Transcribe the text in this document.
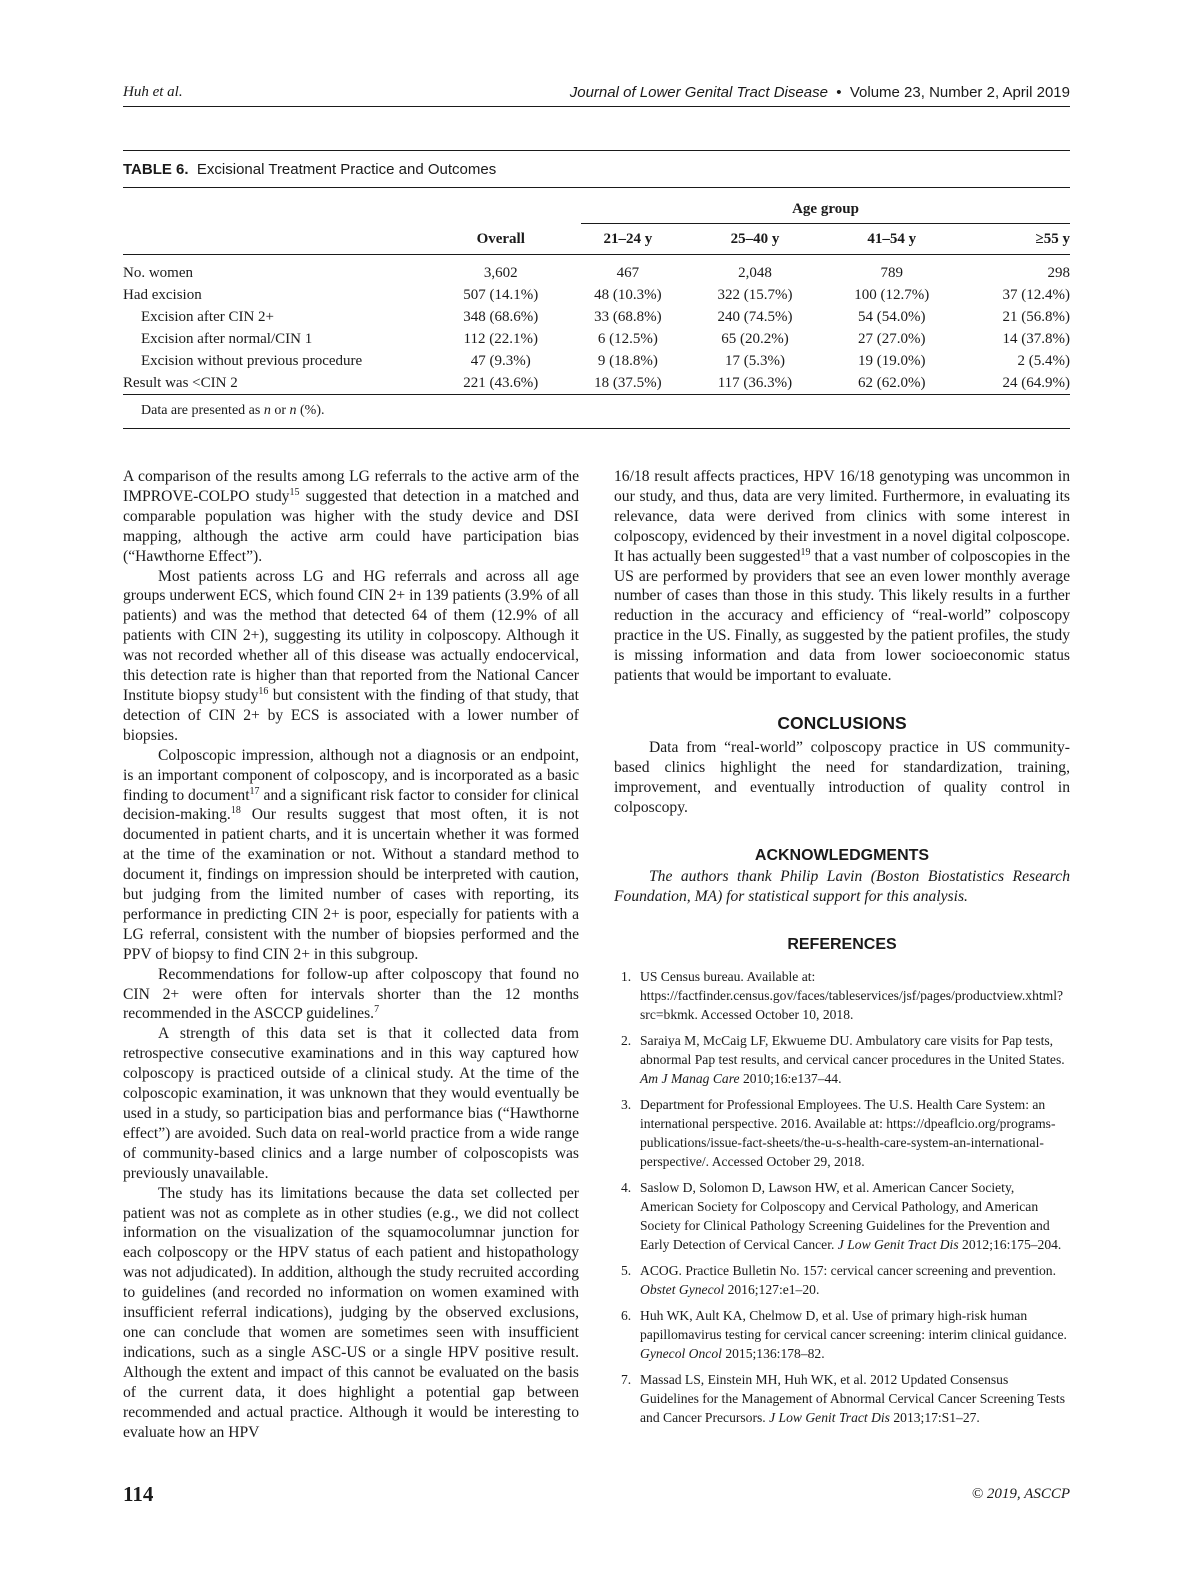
Huh et al.	Journal of Lower Genital Tract Disease • Volume 23, Number 2, April 2019
TABLE 6. Excisional Treatment Practice and Outcomes
Age group
	Overall	21–24 y	25–40 y	41–54 y	≥55 y
No. women	3,602	467	2,048	789	298
Had excision	507 (14.1%)	48 (10.3%)	322 (15.7%)	100 (12.7%)	37 (12.4%)
Excision after CIN 2+	348 (68.6%)	33 (68.8%)	240 (74.5%)	54 (54.0%)	21 (56.8%)
Excision after normal/CIN 1	112 (22.1%)	6 (12.5%)	65 (20.2%)	27 (27.0%)	14 (37.8%)
Excision without previous procedure	47 (9.3%)	9 (18.8%)	17 (5.3%)	19 (19.0%)	2 (5.4%)
Result was <CIN 2	221 (43.6%)	18 (37.5%)	117 (36.3%)	62 (62.0%)	24 (64.9%)
Data are presented as n or n (%).

A comparison of the results among LG referrals to the active arm of the IMPROVE-COLPO study$^{15}$ suggested that detection in a matched and comparable population was higher with the study device and DSI mapping, although the active arm could have participation bias (“Hawthorne Effect”).

Most patients across LG and HG referrals and across all age groups underwent ECS, which found CIN 2+ in 139 patients (3.9% of all patients) and was the method that detected 64 of them (12.9% of all patients with CIN 2+), suggesting its utility in colposcopy. Although it was not recorded whether all of this disease was actually endocervical, this detection rate is higher than that reported from the National Cancer Institute biopsy study$^{16}$ but consistent with the finding of that study, that detection of CIN 2+ by ECS is associated with a lower number of biopsies.

Colposcopic impression, although not a diagnosis or an endpoint, is an important component of colposcopy, and is incorporated as a basic finding to document$^{17}$ and a significant risk factor to consider for clinical decision-making.$^{18}$ Our results suggest that most often, it is not documented in patient charts, and it is uncertain whether it was formed at the time of the examination or not. Without a standard method to document it, findings on impression should be interpreted with caution, but judging from the limited number of cases with reporting, its performance in predicting CIN 2+ is poor, especially for patients with a LG referral, consistent with the number of biopsies performed and the PPV of biopsy to find CIN 2+ in this subgroup.

Recommendations for follow-up after colposcopy that found no CIN 2+ were often for intervals shorter than the 12 months recommended in the ASCCP guidelines.$^7$

A strength of this data set is that it collected data from retrospective consecutive examinations and in this way captured how colposcopy is practiced outside of a clinical study. At the time of the colposcopic examination, it was unknown that they would eventually be used in a study, so participation bias and performance bias (“Hawthorne effect”) are avoided. Such data on real-world practice from a wide range of community-based clinics and a large number of colposcopists was previously unavailable.

The study has its limitations because the data set collected per patient was not as complete as in other studies (e.g., we did not collect information on the visualization of the squamocolumnar junction for each colposcopy or the HPV status of each patient and histopathology was not adjudicated). In addition, although the study recruited according to guidelines (and recorded no information on women examined with insufficient referral indications), judging by the observed exclusions, one can conclude that women are sometimes seen with insufficient indications, such as a single ASC-US or a single HPV positive result. Although the extent and impact of this cannot be evaluated on the basis of the current data, it does highlight a potential gap between recommended and actual practice. Although it would be interesting to evaluate how an HPV

16/18 result affects practices, HPV 16/18 genotyping was uncommon in our study, and thus, data are very limited. Furthermore, in evaluating its relevance, data were derived from clinics with some interest in colposcopy, evidenced by their investment in a novel digital colposcope. It has actually been suggested$^{19}$ that a vast number of colposcopies in the US are performed by providers that see an even lower monthly average number of cases than those in this study. This likely results in a further reduction in the accuracy and efficiency of “real-world” colposcopy practice in the US. Finally, as suggested by the patient profiles, the study is missing information and data from lower socioeconomic status patients that would be important to evaluate.

CONCLUSIONS

Data from “real-world” colposcopy practice in US community-based clinics highlight the need for standardization, training, improvement, and eventually introduction of quality control in colposcopy.

ACKNOWLEDGMENTS

The authors thank Philip Lavin (Boston Biostatistics Research Foundation, MA) for statistical support for this analysis.

REFERENCES
1. US Census bureau. Available at: https://factfinder.census.gov/faces/tableservices/jsf/pages/productview.xhtml?src=bkmk. Accessed October 10, 2018.
2. Saraiya M, McCaig LF, Ekwueme DU. Ambulatory care visits for Pap tests, abnormal Pap test results, and cervical cancer procedures in the United States. Am J Manag Care 2010;16:e137–44.
3. Department for Professional Employees. The U.S. Health Care System: an international perspective. 2016. Available at: https://dpeaflcio.org/programs-publications/issue-fact-sheets/the-u-s-health-care-system-an-international-perspective/. Accessed October 29, 2018.
4. Saslow D, Solomon D, Lawson HW, et al. American Cancer Society, American Society for Colposcopy and Cervical Pathology, and American Society for Clinical Pathology Screening Guidelines for the Prevention and Early Detection of Cervical Cancer. J Low Genit Tract Dis 2012;16:175–204.
5. ACOG. Practice Bulletin No. 157: cervical cancer screening and prevention. Obstet Gynecol 2016;127:e1–20.
6. Huh WK, Ault KA, Chelmow D, et al. Use of primary high-risk human papillomavirus testing for cervical cancer screening: interim clinical guidance. Gynecol Oncol 2015;136:178–82.
7. Massad LS, Einstein MH, Huh WK, et al. 2012 Updated Consensus Guidelines for the Management of Abnormal Cervical Cancer Screening Tests and Cancer Precursors. J Low Genit Tract Dis 2013;17:S1–27.
114	© 2019, ASCCP
